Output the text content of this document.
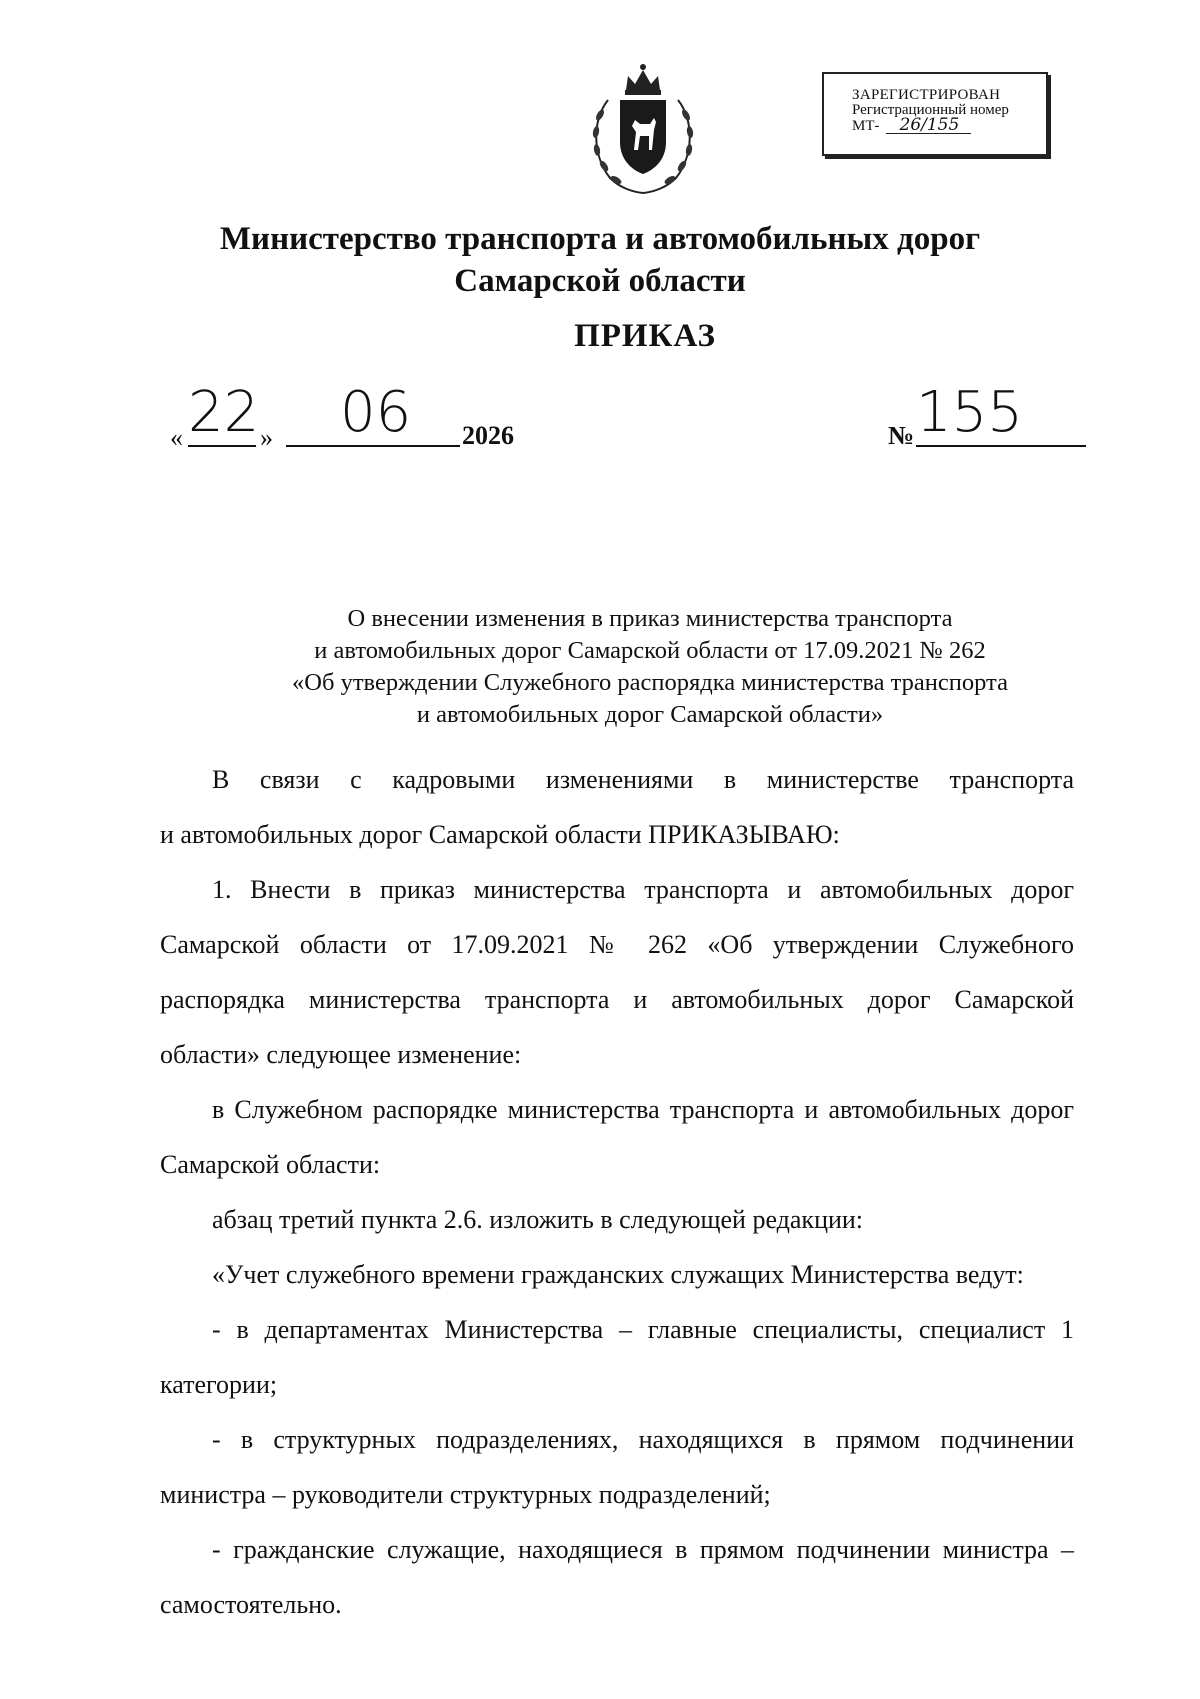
ЗАРЕГИСТРИРОВАН
Регистрационный номер
МТ-	26/155
Министерство транспорта и автомобильных дорог
Самарской области
ПРИКАЗ
« 22 » 06 2026	№ 155
О внесении изменения в приказ министерства транспорта
и автомобильных дорог Самарской области от 17.09.2021 № 262
«Об утверждении Служебного распорядка министерства транспорта
и автомобильных дорог Самарской области»

В связи с кадровыми изменениями в министерстве транспорта

и автомобильных дорог Самарской области ПРИКАЗЫВАЮ:

1. Внести в приказ министерства транспорта и автомобильных дорог Самарской области от 17.09.2021 № 262 «Об утверждении Служебного распорядка министерства транспорта и автомобильных дорог Самарской области» следующее изменение:

в Служебном распорядке министерства транспорта и автомобильных дорог Самарской области:

абзац третий пункта 2.6. изложить в следующей редакции:

«Учет служебного времени гражданских служащих Министерства ведут:

- в департаментах Министерства – главные специалисты, специалист 1 категории;

- в структурных подразделениях, находящихся в прямом подчинении министра – руководители структурных подразделений;

- гражданские служащие, находящиеся в прямом подчинении министра – самостоятельно.
